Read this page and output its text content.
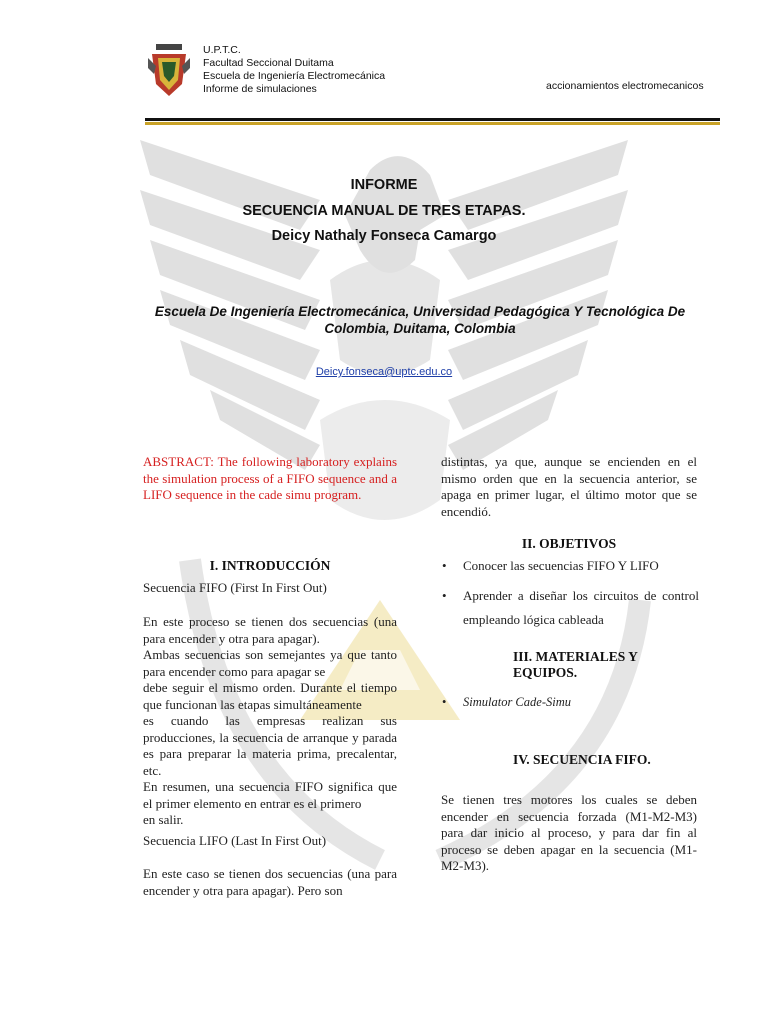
U.P.T.C.
Facultad Seccional Duitama
Escuela de Ingeniería Electromecánica
Informe de simulaciones	accionamientos electromecanicos
INFORME
SECUENCIA MANUAL DE TRES ETAPAS.
Deicy Nathaly Fonseca Camargo
Escuela De Ingeniería Electromecánica, Universidad Pedagógica Y Tecnológica De Colombia, Duitama, Colombia
Deicy.fonseca@uptc.edu.co
ABSTRACT: The following laboratory explains the simulation process of a FIFO sequence and a LIFO sequence in the cade simu program.
I. INTRODUCCIÓN
Secuencia FIFO (First In First Out)
En este proceso se tienen dos secuencias (una para encender y otra para apagar).
Ambas secuencias son semejantes ya que tanto para encender como para apagar se
debe seguir el mismo orden. Durante el tiempo que funcionan las etapas simultáneamente
es cuando las empresas realizan sus producciones, la secuencia de arranque y parada es para preparar la materia prima, precalentar, etc.
En resumen, una secuencia FIFO significa que el primer elemento en entrar es el primero
en salir.
Secuencia LIFO (Last In First Out)
En este caso se tienen dos secuencias (una para encender y otra para apagar). Pero son
distintas, ya que, aunque se encienden en el mismo orden que en la secuencia anterior, se apaga en primer lugar, el último motor que se encendió.
II. OBJETIVOS
• Conocer las secuencias FIFO Y LIFO
• Aprender a diseñar los circuitos de control empleando lógica cableada
III. MATERIALES Y EQUIPOS.
• Simulator Cade-Simu
IV. SECUENCIA FIFO.
Se tienen tres motores los cuales se deben encender en secuencia forzada (M1-M2-M3) para dar inicio al proceso, y para dar fin al proceso se deben apagar en la secuencia (M1-M2-M3).
